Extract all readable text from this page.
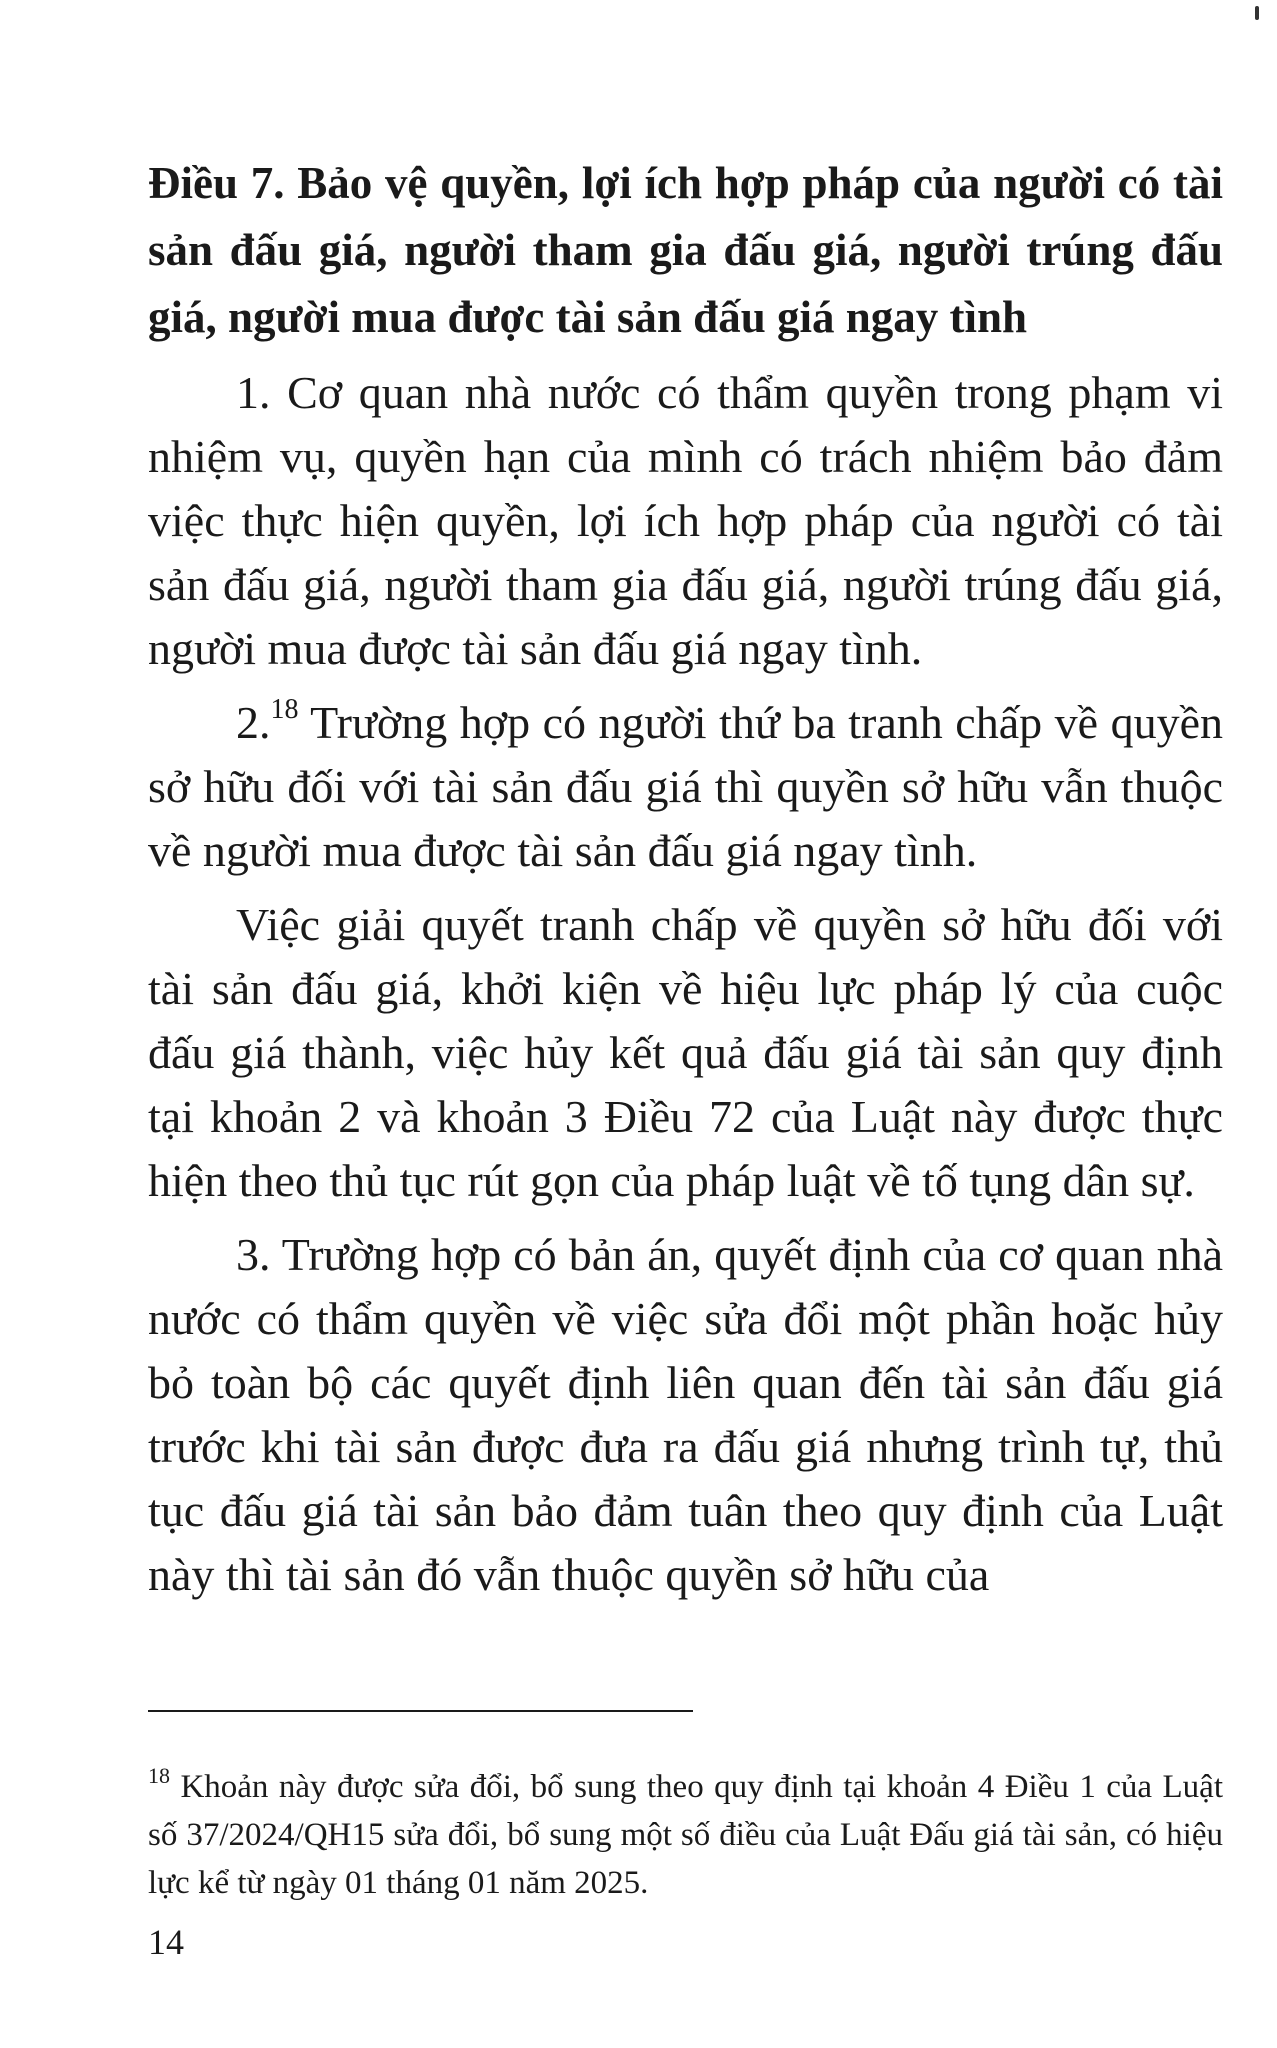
Điều 7. Bảo vệ quyền, lợi ích hợp pháp của người có tài sản đấu giá, người tham gia đấu giá, người trúng đấu giá, người mua được tài sản đấu giá ngay tình

1. Cơ quan nhà nước có thẩm quyền trong phạm vi nhiệm vụ, quyền hạn của mình có trách nhiệm bảo đảm việc thực hiện quyền, lợi ích hợp pháp của người có tài sản đấu giá, người tham gia đấu giá, người trúng đấu giá, người mua được tài sản đấu giá ngay tình.

2.18 Trường hợp có người thứ ba tranh chấp về quyền sở hữu đối với tài sản đấu giá thì quyền sở hữu vẫn thuộc về người mua được tài sản đấu giá ngay tình.

Việc giải quyết tranh chấp về quyền sở hữu đối với tài sản đấu giá, khởi kiện về hiệu lực pháp lý của cuộc đấu giá thành, việc hủy kết quả đấu giá tài sản quy định tại khoản 2 và khoản 3 Điều 72 của Luật này được thực hiện theo thủ tục rút gọn của pháp luật về tố tụng dân sự.

3. Trường hợp có bản án, quyết định của cơ quan nhà nước có thẩm quyền về việc sửa đổi một phần hoặc hủy bỏ toàn bộ các quyết định liên quan đến tài sản đấu giá trước khi tài sản được đưa ra đấu giá nhưng trình tự, thủ tục đấu giá tài sản bảo đảm tuân theo quy định của Luật này thì tài sản đó vẫn thuộc quyền sở hữu của

$^{18}$ Khoản này được sửa đổi, bổ sung theo quy định tại khoản 4 Điều 1 của Luật số 37/2024/QH15 sửa đổi, bổ sung một số điều của Luật Đấu giá tài sản, có hiệu lực kể từ ngày 01 tháng 01 năm 2025.

14
